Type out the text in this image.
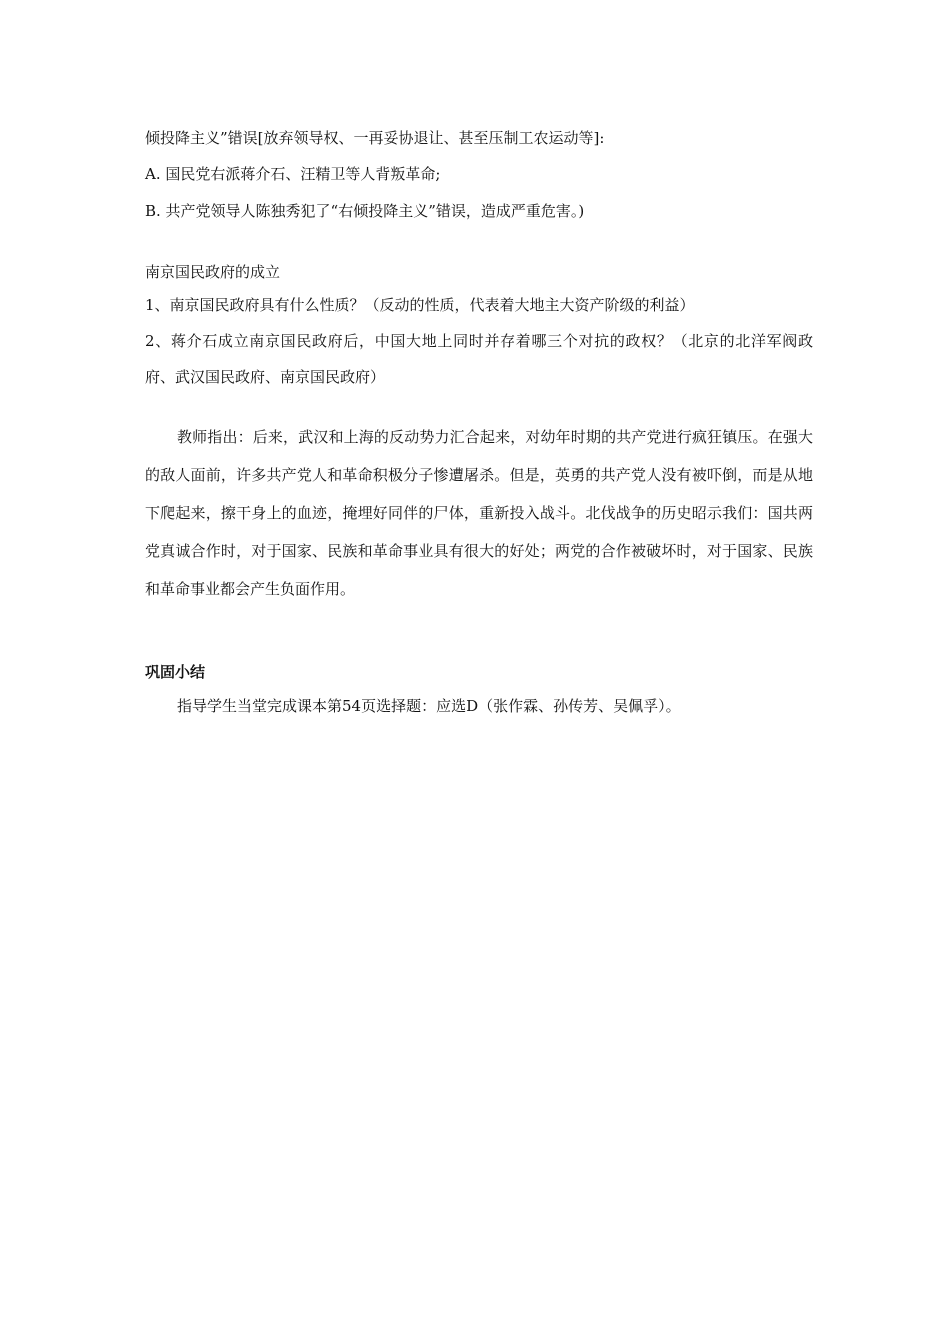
倾投降主义”错误[放弃领导权、一再妥协退让、甚至压制工农运动等]:
A. 国民党右派蒋介石、汪精卫等人背叛革命;
B. 共产党领导人陈独秀犯了“右倾投降主义”错误，造成严重危害。)
南京国民政府的成立
1、南京国民政府具有什么性质？（反动的性质，代表着大地主大资产阶级的利益）
2、蒋介石成立南京国民政府后，中国大地上同时并存着哪三个对抗的政权？（北京的北洋军阀政府、武汉国民政府、南京国民政府）
教师指出：后来，武汉和上海的反动势力汇合起来，对幼年时期的共产党进行疯狂镇压。在强大的敌人面前，许多共产党人和革命积极分子惨遭屠杀。但是，英勇的共产党人没有被吓倒，而是从地下爬起来，擦干身上的血迹，掩埋好同伴的尸体，重新投入战斗。北伐战争的历史昭示我们：国共两党真诚合作时，对于国家、民族和革命事业具有很大的好处；两党的合作被破坏时，对于国家、民族和革命事业都会产生负面作用。
巩固小结
指导学生当堂完成课本第54页选择题：应选D（张作霖、孙传芳、吴佩孚）。
